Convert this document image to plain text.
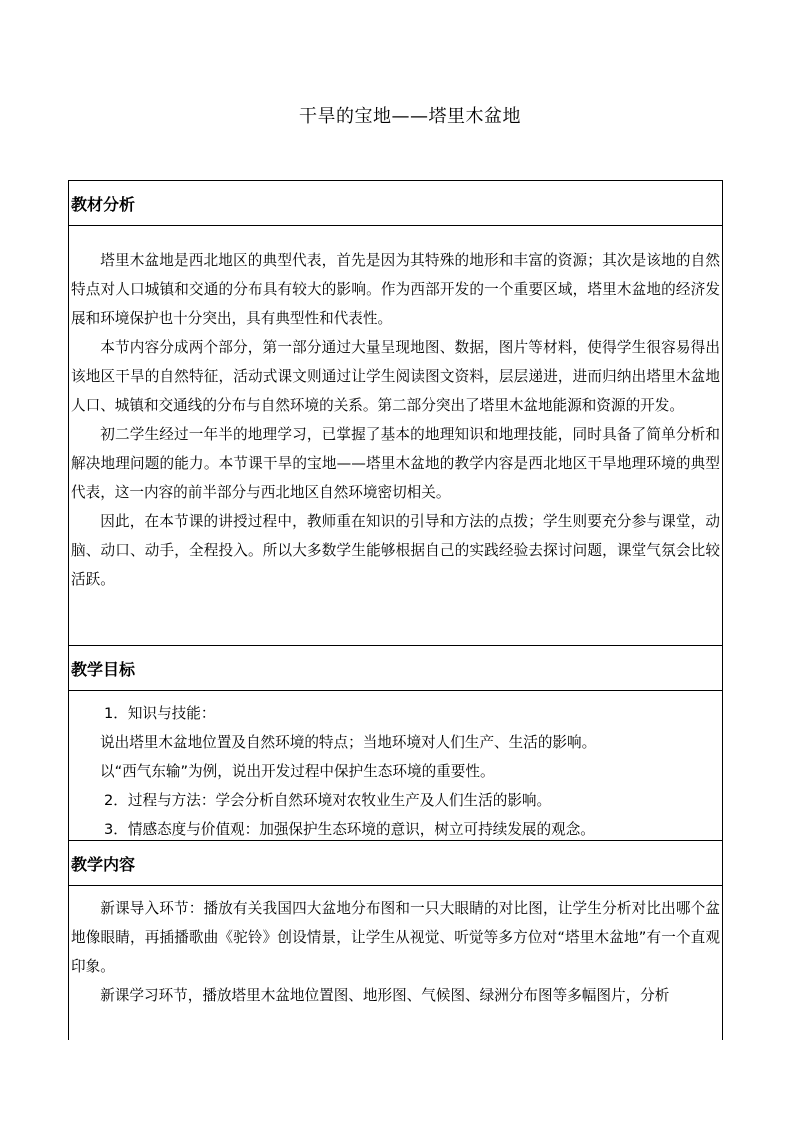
干旱的宝地——塔里木盆地
教材分析

塔里木盆地是西北地区的典型代表，首先是因为其特殊的地形和丰富的资源；其次是该地的自然特点对人口城镇和交通的分布具有较大的影响。作为西部开发的一个重要区域，塔里木盆地的经济发展和环境保护也十分突出，具有典型性和代表性。

本节内容分成两个部分，第一部分通过大量呈现地图、数据，图片等材料，使得学生很容易得出该地区干旱的自然特征，活动式课文则通过让学生阅读图文资料，层层递进，进而归纳出塔里木盆地人口、城镇和交通线的分布与自然环境的关系。第二部分突出了塔里木盆地能源和资源的开发。

初二学生经过一年半的地理学习，已掌握了基本的地理知识和地理技能，同时具备了简单分析和解决地理问题的能力。本节课干旱的宝地——塔里木盆地的教学内容是西北地区干旱地理环境的典型代表，这一内容的前半部分与西北地区自然环境密切相关。

因此，在本节课的讲授过程中，教师重在知识的引导和方法的点拨；学生则要充分参与课堂，动脑、动口、动手，全程投入。所以大多数学生能够根据自己的实践经验去探讨问题，课堂气氛会比较活跃。

教学目标

1．知识与技能：

说出塔里木盆地位置及自然环境的特点；当地环境对人们生产、生活的影响。

以“西气东输”为例，说出开发过程中保护生态环境的重要性。

2．过程与方法：学会分析自然环境对农牧业生产及人们生活的影响。

3．情感态度与价值观：加强保护生态环境的意识，树立可持续发展的观念。

教学内容

新课导入环节：播放有关我国四大盆地分布图和一只大眼睛的对比图，让学生分析对比出哪个盆地像眼睛，再插播歌曲《驼铃》创设情景，让学生从视觉、听觉等多方位对“塔里木盆地”有一个直观印象。

新课学习环节，播放塔里木盆地位置图、地形图、气候图、绿洲分布图等多幅图片，分析
